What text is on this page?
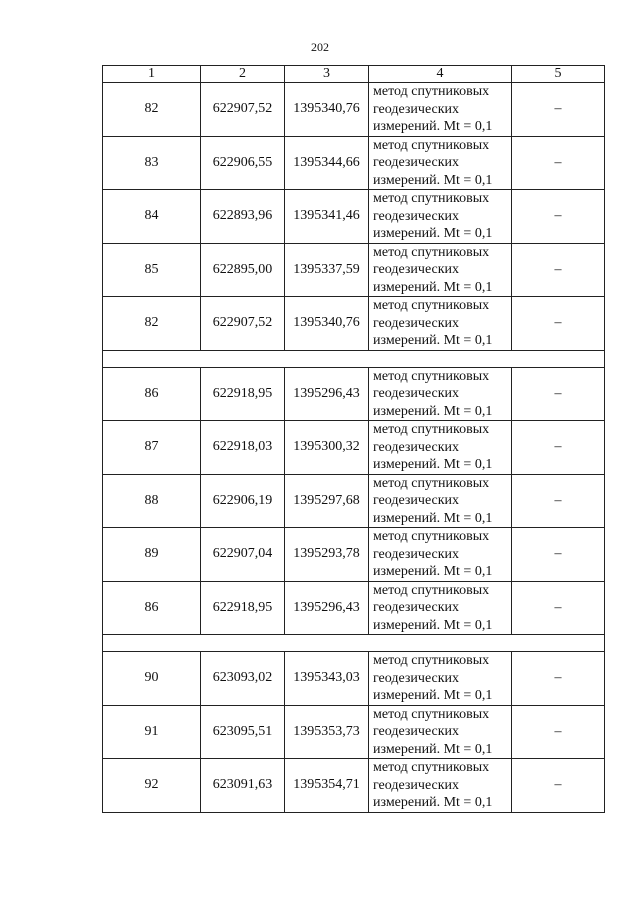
202
1	2	3	4	5
82	622907,52	1395340,76	метод спутниковых
геодезических
измерений. Mt = 0,1	–
83	622906,55	1395344,66	метод спутниковых
геодезических
измерений. Mt = 0,1	–
84	622893,96	1395341,46	метод спутниковых
геодезических
измерений. Mt = 0,1	–
85	622895,00	1395337,59	метод спутниковых
геодезических
измерений. Mt = 0,1	–
82	622907,52	1395340,76	метод спутниковых
геодезических
измерений. Mt = 0,1	–

86	622918,95	1395296,43	метод спутниковых
геодезических
измерений. Mt = 0,1	–
87	622918,03	1395300,32	метод спутниковых
геодезических
измерений. Mt = 0,1	–
88	622906,19	1395297,68	метод спутниковых
геодезических
измерений. Mt = 0,1	–
89	622907,04	1395293,78	метод спутниковых
геодезических
измерений. Mt = 0,1	–
86	622918,95	1395296,43	метод спутниковых
геодезических
измерений. Mt = 0,1	–

90	623093,02	1395343,03	метод спутниковых
геодезических
измерений. Mt = 0,1	–
91	623095,51	1395353,73	метод спутниковых
геодезических
измерений. Mt = 0,1	–
92	623091,63	1395354,71	метод спутниковых
геодезических
измерений. Mt = 0,1	–
